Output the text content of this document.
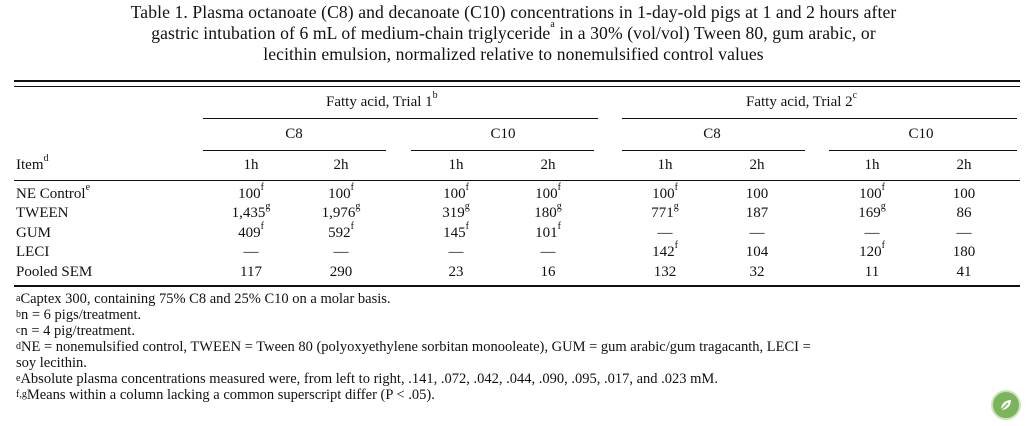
Table 1. Plasma octanoate (C8) and decanoate (C10) concentrations in 1-day-old pigs at 1 and 2 hours after

gastric intubation of 6 mL of medium-chain triglyceride$^a$ in a 30% (vol/vol) Tween 80, gum arabic, or

lecithin emulsion, normalized relative to nonemulsified control values

Fatty acid, Trial 1$^b$	Fatty acid, Trial 2$^c$
C8	C10	C8	C10
Item$^d$	1h	2h	1h	2h	1h	2h	1h	2h
NE Control$^e$	100$^f$	100$^f$	100$^f$	100$^f$	100$^f$	100	100$^f$	100
TWEEN	1,435$^g$	1,976$^g$	319$^g$	180$^g$	771$^g$	187	169$^g$	86
GUM	409$^f$	592$^f$	145$^f$	101$^f$	—	—	—	—
LECI	—	—	—	—	142$^f$	104	120$^f$	180
Pooled SEM	117	290	23	16	132	32	11	41
$^a$Captex 300, containing 75% C8 and 25% C10 on a molar basis.
$^b$n = 6 pigs/treatment.
$^c$n = 4 pig/treatment.
$^d$NE = nonemulsified control, TWEEN = Tween 80 (polyoxyethylene sorbitan monooleate), GUM = gum arabic/gum tragacanth, LECI =
soy lecithin.
$^e$Absolute plasma concentrations measured were, from left to right, .141, .072, .042, .044, .090, .095, .017, and .023 mM.
$^{f,g}$Means within a column lacking a common superscript differ (P < .05).
